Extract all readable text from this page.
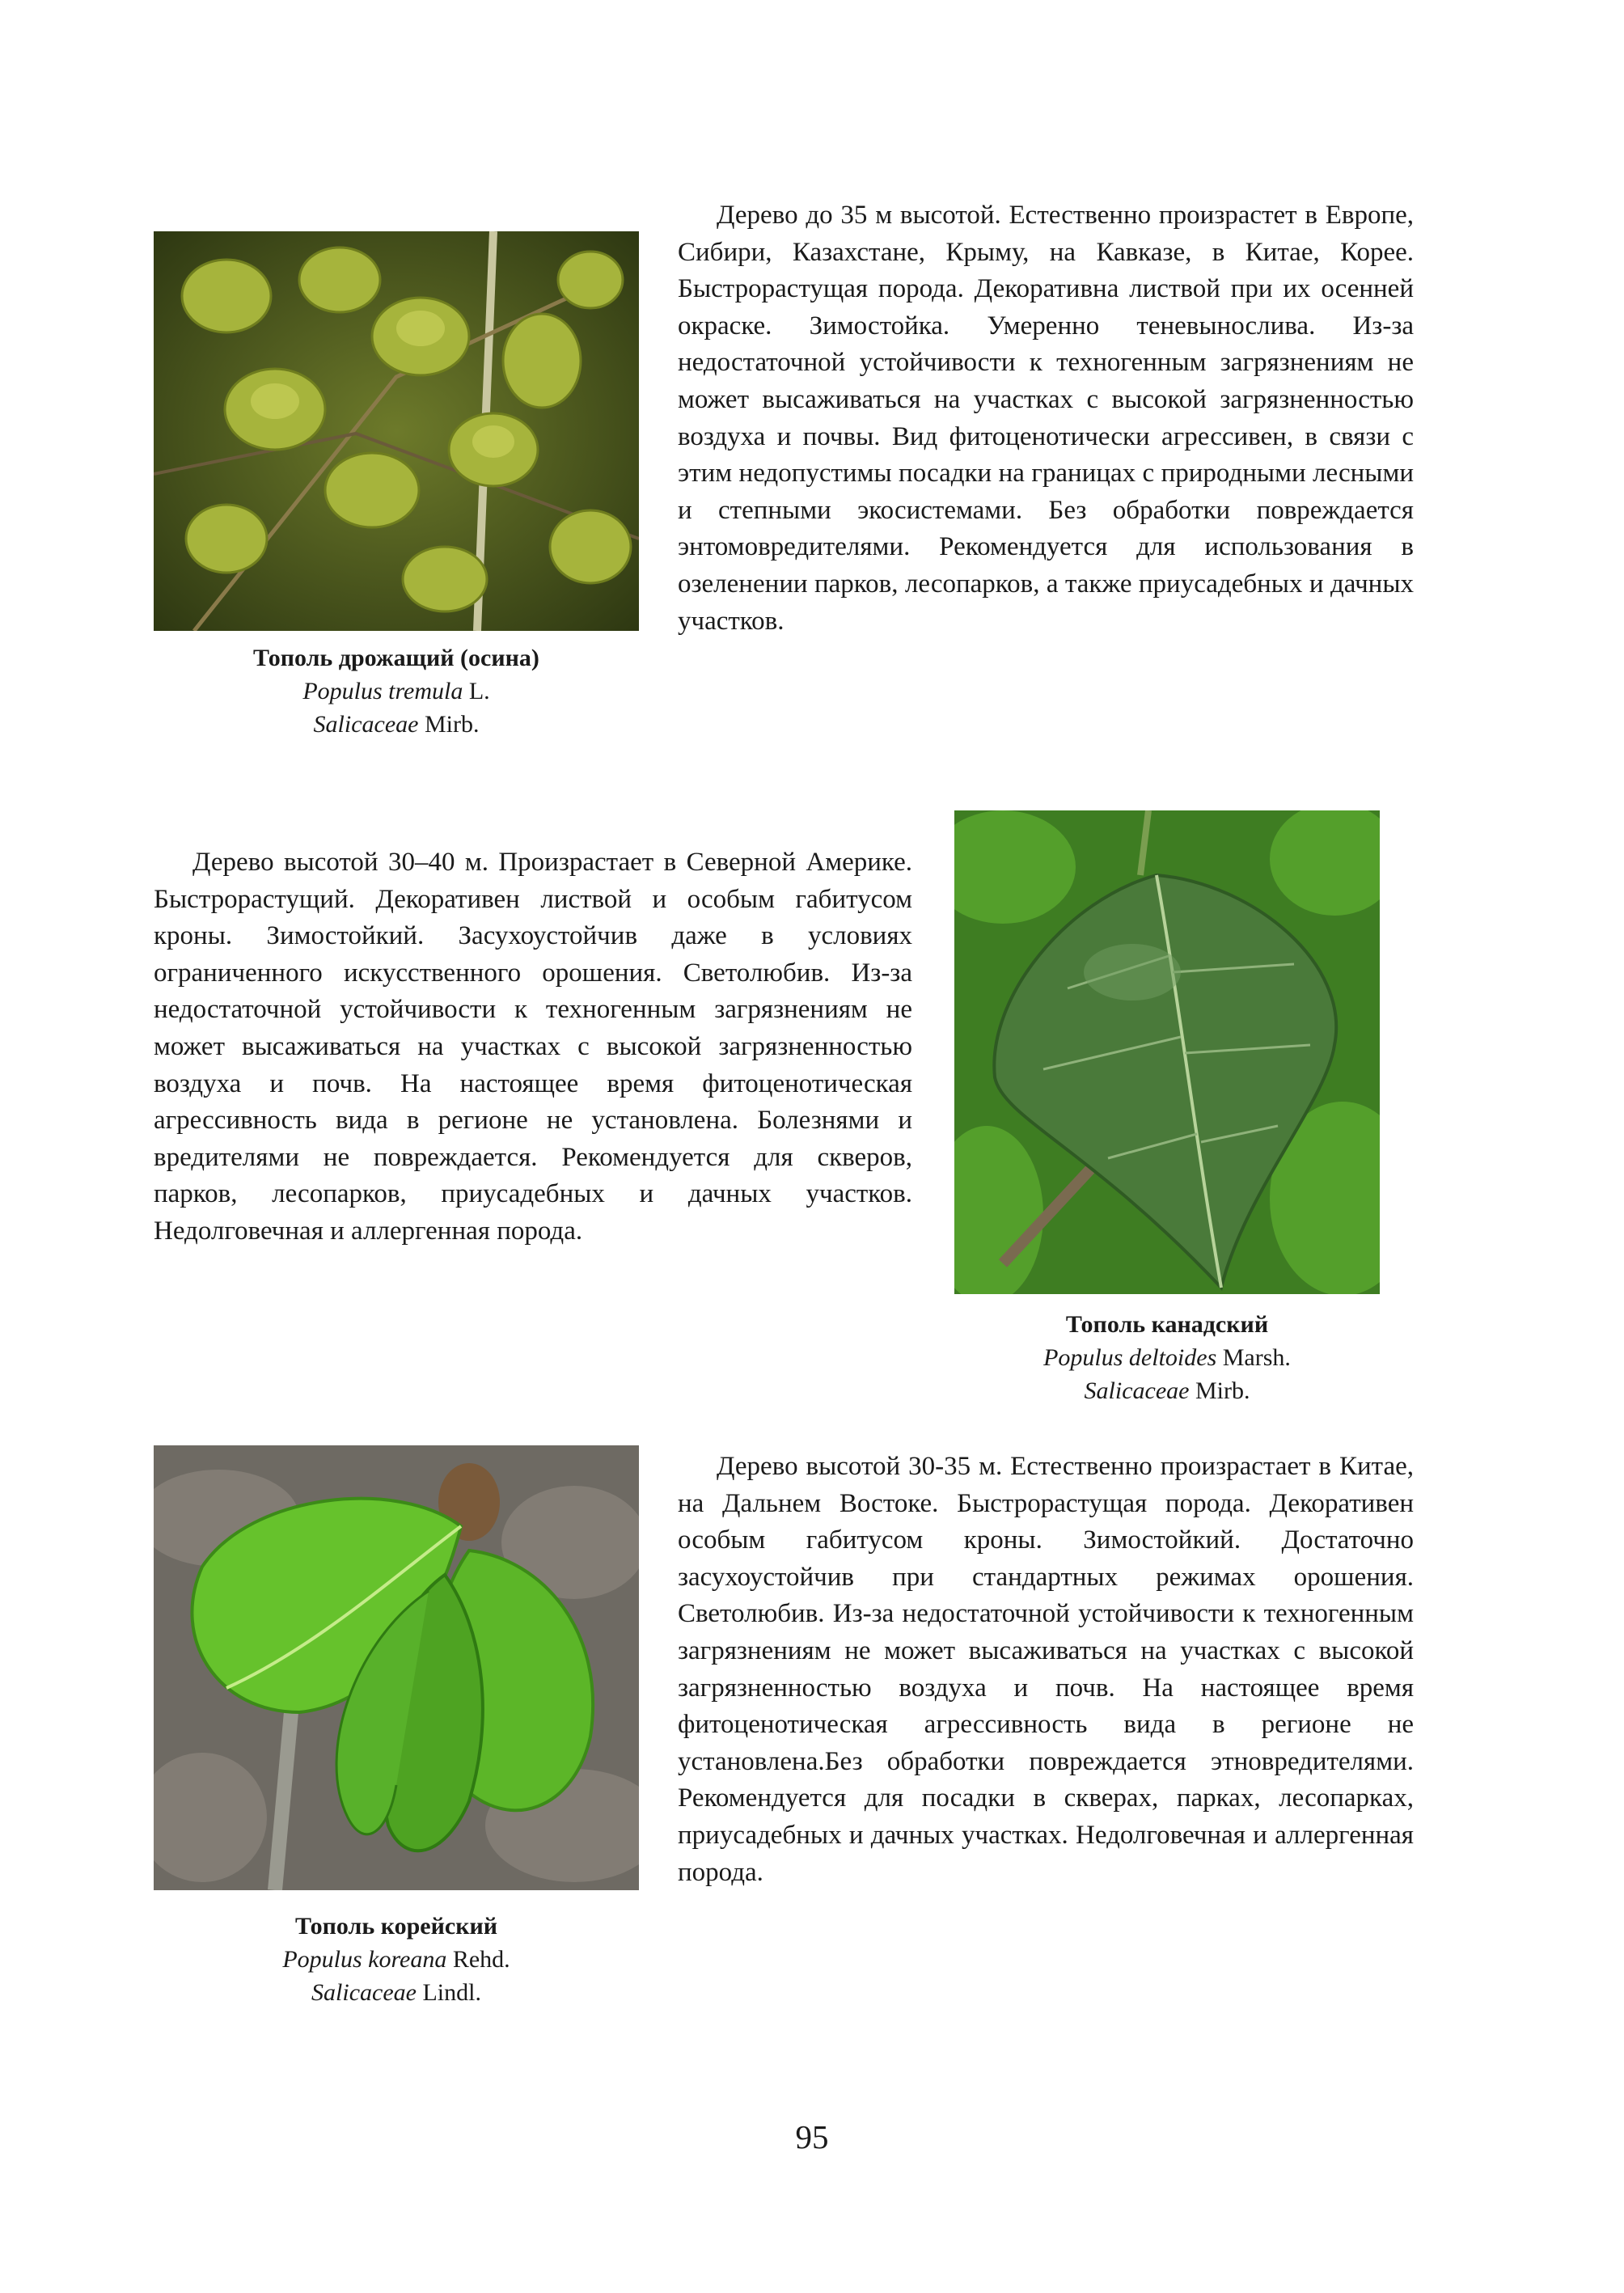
Тополь дрожащий (осина)
Populus tremula L.
Salicaceae Mirb.

Дерево до 35 м высотой. Естественно произрастет в Европе, Сибири, Казахстане, Крыму, на Кавказе, в Китае, Корее. Быстрорастущая порода. Декоративна листвой при их осенней окраске. Зимостойка. Умеренно теневынослива. Из-за недостаточной устойчивости к техногенным загрязнениям не может высаживаться на участках с высокой загрязненностью воздуха и почвы. Вид фитоценотически агрессивен, в связи с этим недопустимы посадки на границах с природными лесными и степными экосистемами. Без обработки повреждается энтомовредителями. Рекомендуется для использования в озеленении парков, лесопарков, а также приусадебных и дачных участков.

Дерево высотой 30–40 м. Произрастает в Северной Америке. Быстрорастущий. Декоративен листвой и особым габитусом кроны. Зимостойкий. Засухоустойчив даже в условиях ограниченного искусственного орошения. Светолюбив. Из-за недостаточной устойчивости к техногенным загрязнениям не может высаживаться на участках с высокой загрязненностью воздуха и почв. На настоящее время фитоценотическая агрессивность вида в регионе не установлена. Болезнями и вредителями не повреждается. Рекомендуется для скверов, парков, лесопарков, приусадебных и дачных участков. Недолговечная и аллергенная порода.

Тополь канадский
Populus deltoides Marsh.
Salicaceae Mirb.
Тополь корейский
Populus koreana Rehd.
Salicaceae Lindl.

Дерево высотой 30-35 м. Естественно произрастает в Китае, на Дальнем Востоке. Быстрорастущая порода. Декоративен особым габитусом кроны. Зимостойкий. Достаточно засухоустойчив при стандартных режимах орошения. Светолюбив. Из-за недостаточной устойчивости к техногенным загрязнениям не может высаживаться на участках с высокой загрязненностью воздуха и почв. На настоящее время фитоценотическая агрессивность вида в регионе не установлена.Без обработки повреждается этновредителями. Рекомендуется для посадки в скверах, парках, лесопарках, приусадебных и дачных участках. Недолговечная и аллергенная порода.

95
